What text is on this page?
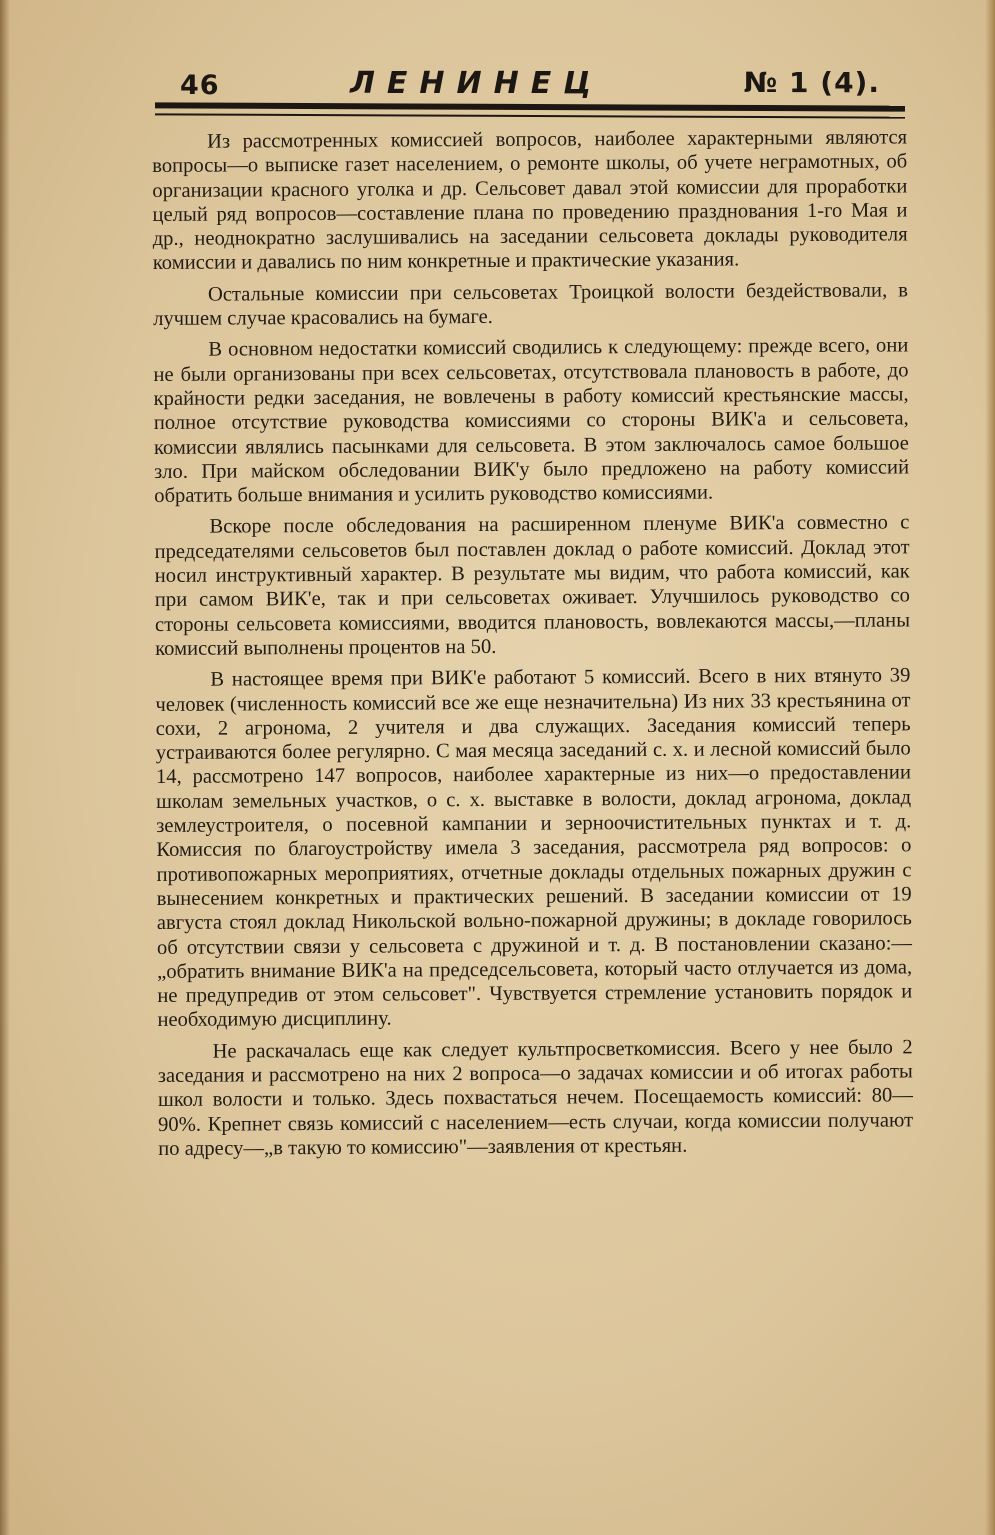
46	ЛЕНИНЕЦ	№ 1 (4).

Из рассмотренных комиссией вопросов, наиболее характерными являются вопросы—о выписке газет населением, о ремонте школы, об учете неграмотных, об организации красного уголка и др. Сельсовет давал этой комиссии для проработки целый ряд вопросов—составление плана по проведению празднования 1-го Мая и др., неоднократно заслушивались на заседании сельсовета доклады руководителя комиссии и давались по ним конкретные и практические указания.

Остальные комиссии при сельсоветах Троицкой волости бездействовали, в лучшем случае красовались на бумаге.

В основном недостатки комиссий сводились к следующему: прежде всего, они не были организованы при всех сельсоветах, отсутствовала плановость в работе, до крайности редки заседания, не вовлечены в работу комиссий крестьянские массы, полное отсутствие руководства комиссиями со стороны ВИК'а и сельсовета, комиссии являлись пасынками для сельсовета. В этом заключалось самое большое зло. При майском обследовании ВИК'у было предложено на работу комиссий обратить больше внимания и усилить руководство комиссиями.

Вскоре после обследования на расширенном пленуме ВИК'а совместно с председателями сельсоветов был поставлен доклад о работе комиссий. Доклад этот носил инструктивный характер. В результате мы видим, что работа комиссий, как при самом ВИК'е, так и при сельсоветах оживает. Улучшилось руководство со стороны сельсовета комиссиями, вводится плановость, вовлекаются массы,—планы комиссий выполнены процентов на 50.

В настоящее время при ВИК'е работают 5 комиссий. Всего в них втянуто 39 человек (численность комиссий все же еще незначительна) Из них 33 крестьянина от сохи, 2 агронома, 2 учителя и два служащих. Заседания комиссий теперь устраиваются более регулярно. С мая месяца заседаний с. х. и лесной комиссий было 14, рассмотрено 147 вопросов, наиболее характерные из них—о предоставлении школам земельных участков, о с. х. выставке в волости, доклад агронома, доклад землеустроителя, о посевной кампании и зерноочистительных пунктах и т. д. Комиссия по благоустройству имела 3 заседания, рассмотрела ряд вопросов: о противопожарных мероприятиях, отчетные доклады отдельных пожарных дружин с вынесением конкретных и практических решений. В заседании комиссии от 19 августа стоял доклад Никольской вольно-пожарной дружины; в докладе говорилось об отсутствии связи у сельсовета с дружиной и т. д. В постановлении сказано:—„обратить внимание ВИК'а на председсельсовета, который часто отлучается из дома, не предупредив от этом сельсовет". Чувствуется стремление установить порядок и необходимую дисциплину.

Не раскачалась еще как следует культпросветкомиссия. Всего у нее было 2 заседания и рассмотрено на них 2 вопроса—о задачах комиссии и об итогах работы школ волости и только. Здесь похвастаться нечем. Посещаемость комиссий: 80—90%. Крепнет связь комиссий с населением—есть случаи, когда комиссии получают по адресу—„в такую то комиссию"—заявления от крестьян.
